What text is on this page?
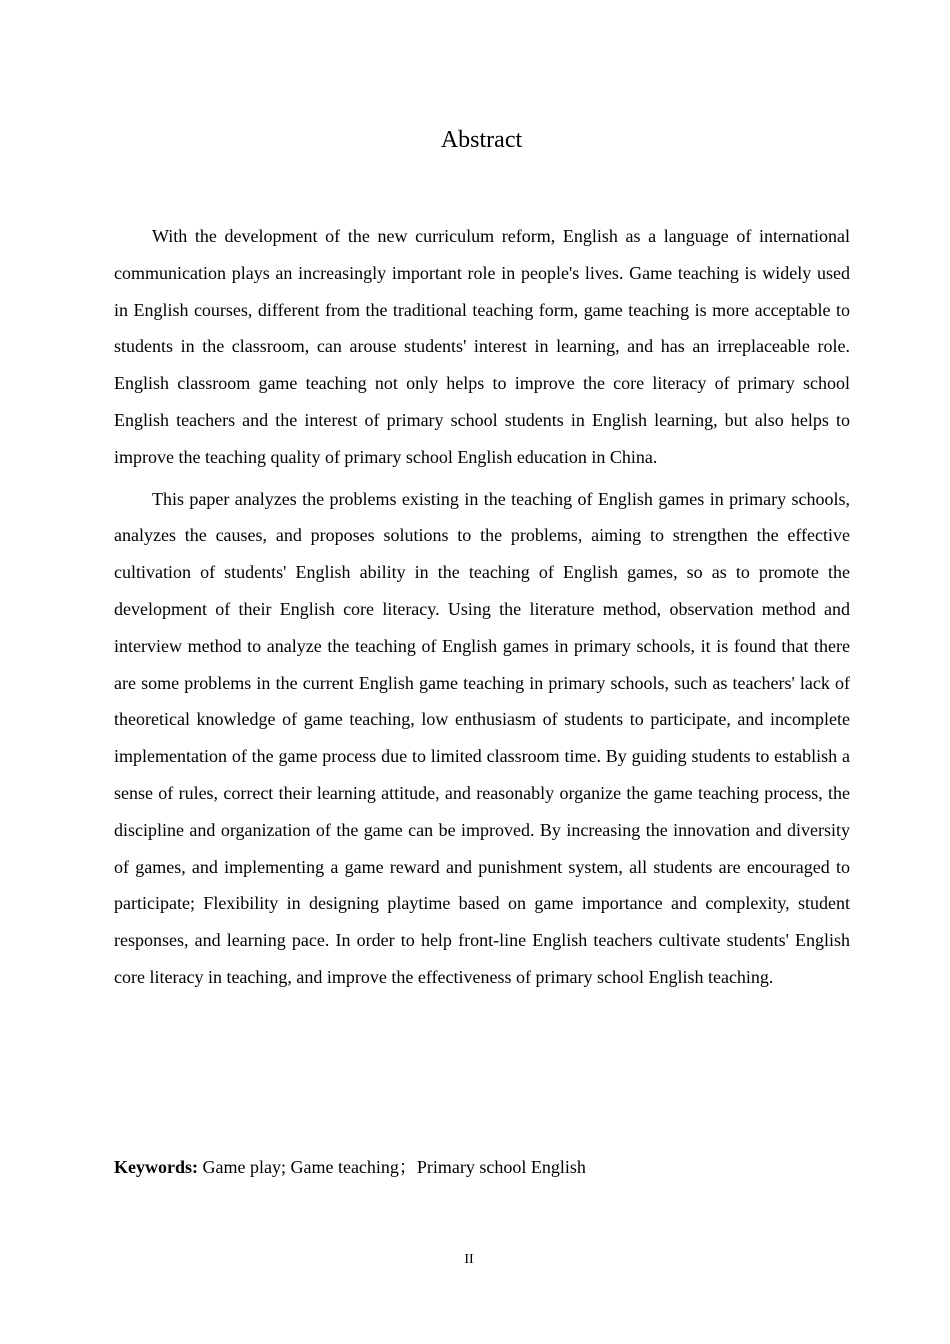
Abstract

With the development of the new curriculum reform, English as a language of international communication plays an increasingly important role in people's lives. Game teaching is widely used in English courses, different from the traditional teaching form, game teaching is more acceptable to students in the classroom, can arouse students' interest in learning, and has an irreplaceable role. English classroom game teaching not only helps to improve the core literacy of primary school English teachers and the interest of primary school students in English learning, but also helps to improve the teaching quality of primary school English education in China.

This paper analyzes the problems existing in the teaching of English games in primary schools, analyzes the causes, and proposes solutions to the problems, aiming to strengthen the effective cultivation of students' English ability in the teaching of English games, so as to promote the development of their English core literacy. Using the literature method, observation method and interview method to analyze the teaching of English games in primary schools, it is found that there are some problems in the current English game teaching in primary schools, such as teachers' lack of theoretical knowledge of game teaching, low enthusiasm of students to participate, and incomplete implementation of the game process due to limited classroom time. By guiding students to establish a sense of rules, correct their learning attitude, and reasonably organize the game teaching process, the discipline and organization of the game can be improved. By increasing the innovation and diversity of games, and implementing a game reward and punishment system, all students are encouraged to participate; Flexibility in designing playtime based on game importance and complexity, student responses, and learning pace. In order to help front-line English teachers cultivate students' English core literacy in teaching, and improve the effectiveness of primary school English teaching.

Keywords: Game play; Game teaching；Primary school English

II
